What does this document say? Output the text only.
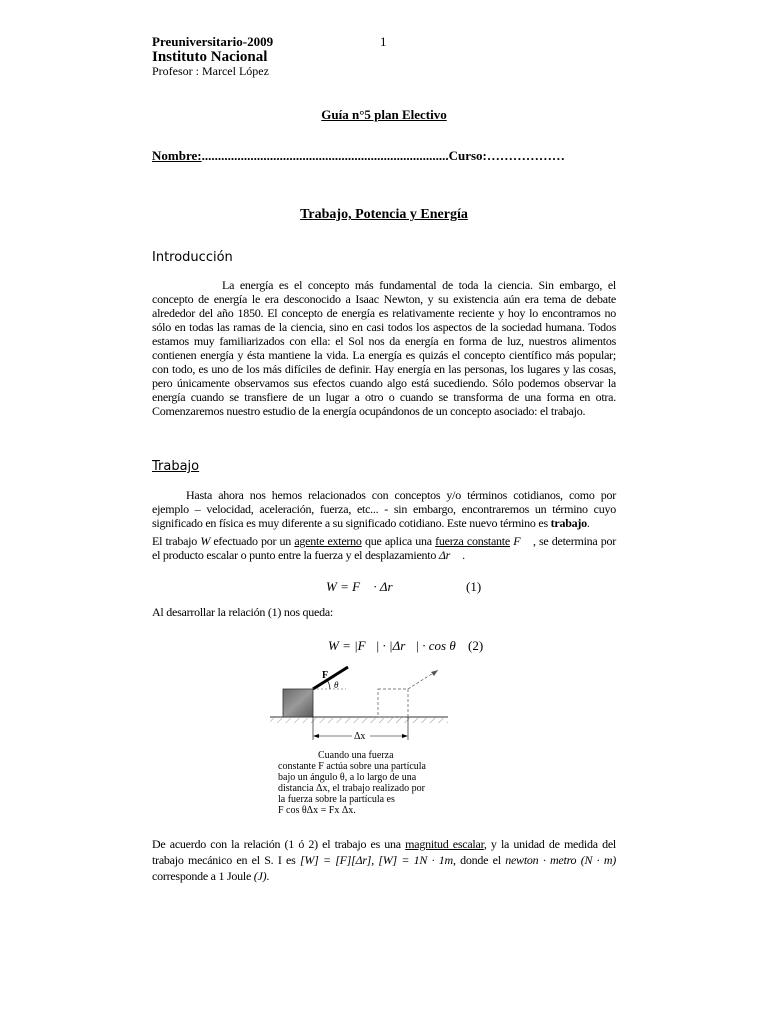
Preuniversitario-2009	1
Instituto Nacional
Profesor : Marcel López
Guía n°5 plan Electivo
Nombre:............................................................................Curso:………………
Trabajo, Potencia y Energía
Introducción
La energía es el concepto más fundamental de toda la ciencia. Sin embargo, el concepto de energía le era desconocido a Isaac Newton, y su existencia aún era tema de debate alrededor del año 1850. El concepto de energía es relativamente reciente y hoy lo encontramos no sólo en todas las ramas de la ciencia, sino en casi todos los aspectos de la sociedad humana. Todos estamos muy familiarizados con ella: el Sol nos da energía en forma de luz, nuestros alimentos contienen energía y ésta mantiene la vida. La energía es quizás el concepto científico más popular; con todo, es uno de los más difíciles de definir. Hay energía en las personas, los lugares y las cosas, pero únicamente observamos sus efectos cuando algo está sucediendo. Sólo podemos observar la energía cuando se transfiere de un lugar a otro o cuando se transforma de una forma en otra. Comenzaremos nuestro estudio de la energía ocupándonos de un concepto asociado: el trabajo.
Trabajo
Hasta ahora nos hemos relacionados con conceptos y/o términos cotidianos, como por ejemplo – velocidad, aceleración, fuerza, etc... - sin embargo, encontraremos un término cuyo significado en física es muy diferente a su significado cotidiano. Este nuevo término es trabajo.
El trabajo W efectuado por un agente externo que aplica una fuerza constante F⃗ , se determina por el producto escalar o punto entre la fuerza y el desplazamiento Δr⃗ .
W = F⃗ · Δr⃗	(1)
Al desarrollar la relación (1) nos queda:
W = |F⃗| · |Δr⃗| · cos θ (2)
F
θ
Δx
Cuando una fuerza
constante F actúa sobre una partícula
bajo un ángulo θ, a lo largo de una
distancia Δx, el trabajo realizado por
la fuerza sobre la partícula es
F cos θΔx = Fx Δx.
De acuerdo con la relación (1 ó 2) el trabajo es una magnitud escalar, y la unidad de medida del trabajo mecánico en el S. I es [W] = [F][Δr], [W] = 1N · 1m, donde el newton · metro (N · m) corresponde a 1 Joule (J).
